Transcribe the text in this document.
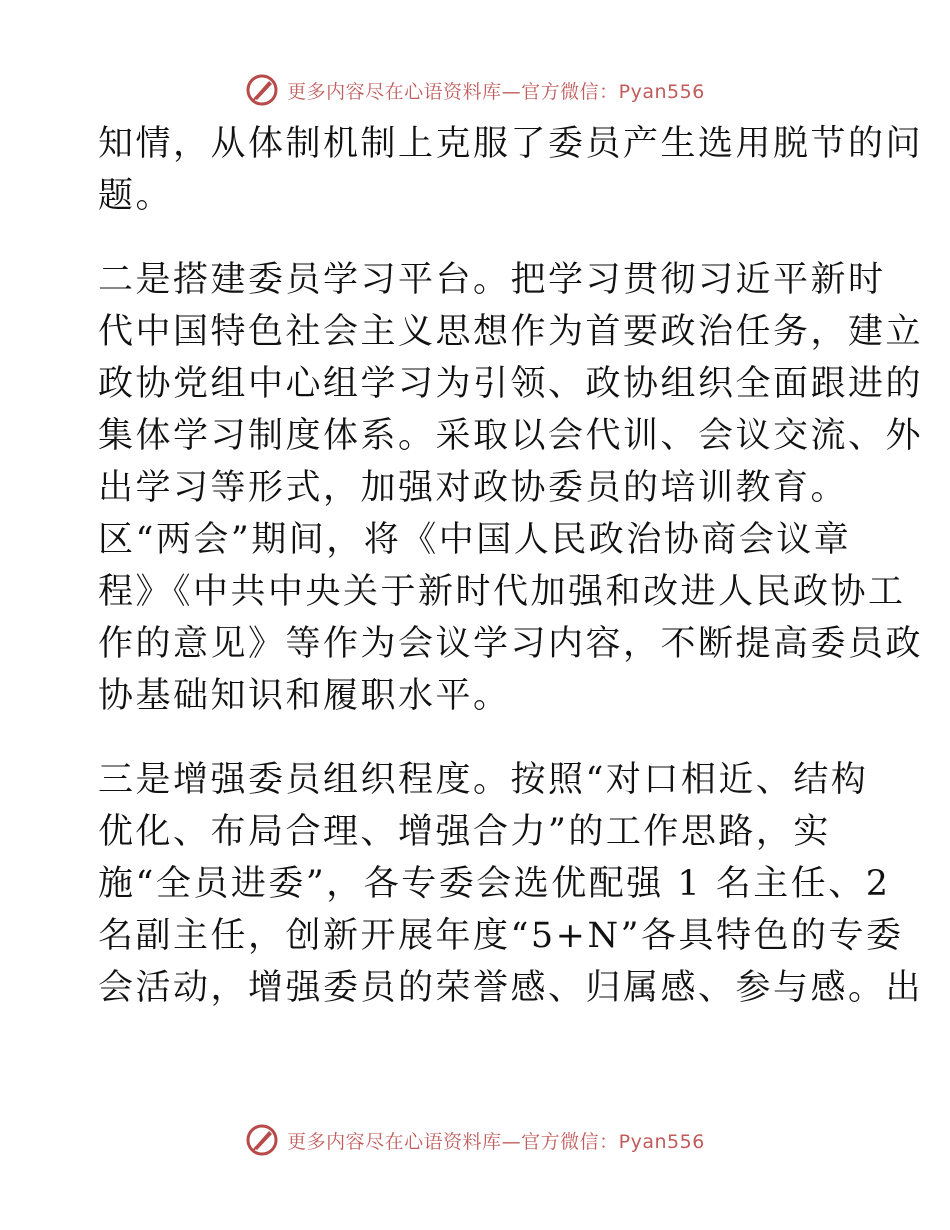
更多内容尽在心语资料库—官方微信：Pyan556
知情，从体制机制上克服了委员产生选用脱节的问
题。
二是搭建委员学习平台。把学习贯彻习近平新时
代中国特色社会主义思想作为首要政治任务，建立
政协党组中心组学习为引领、政协组织全面跟进的
集体学习制度体系。采取以会代训、会议交流、外
出学习等形式，加强对政协委员的培训教育。
区“两会”期间，将《中国人民政治协商会议章
程》《中共中央关于新时代加强和改进人民政协工
作的意见》等作为会议学习内容，不断提高委员政
协基础知识和履职水平。
三是增强委员组织程度。按照“对口相近、结构
优化、布局合理、增强合力”的工作思路，实
施“全员进委”，各专委会选优配强 1 名主任、2
名副主任，创新开展年度“5+N”各具特色的专委
会活动，增强委员的荣誉感、归属感、参与感。出
更多内容尽在心语资料库—官方微信：Pyan556
